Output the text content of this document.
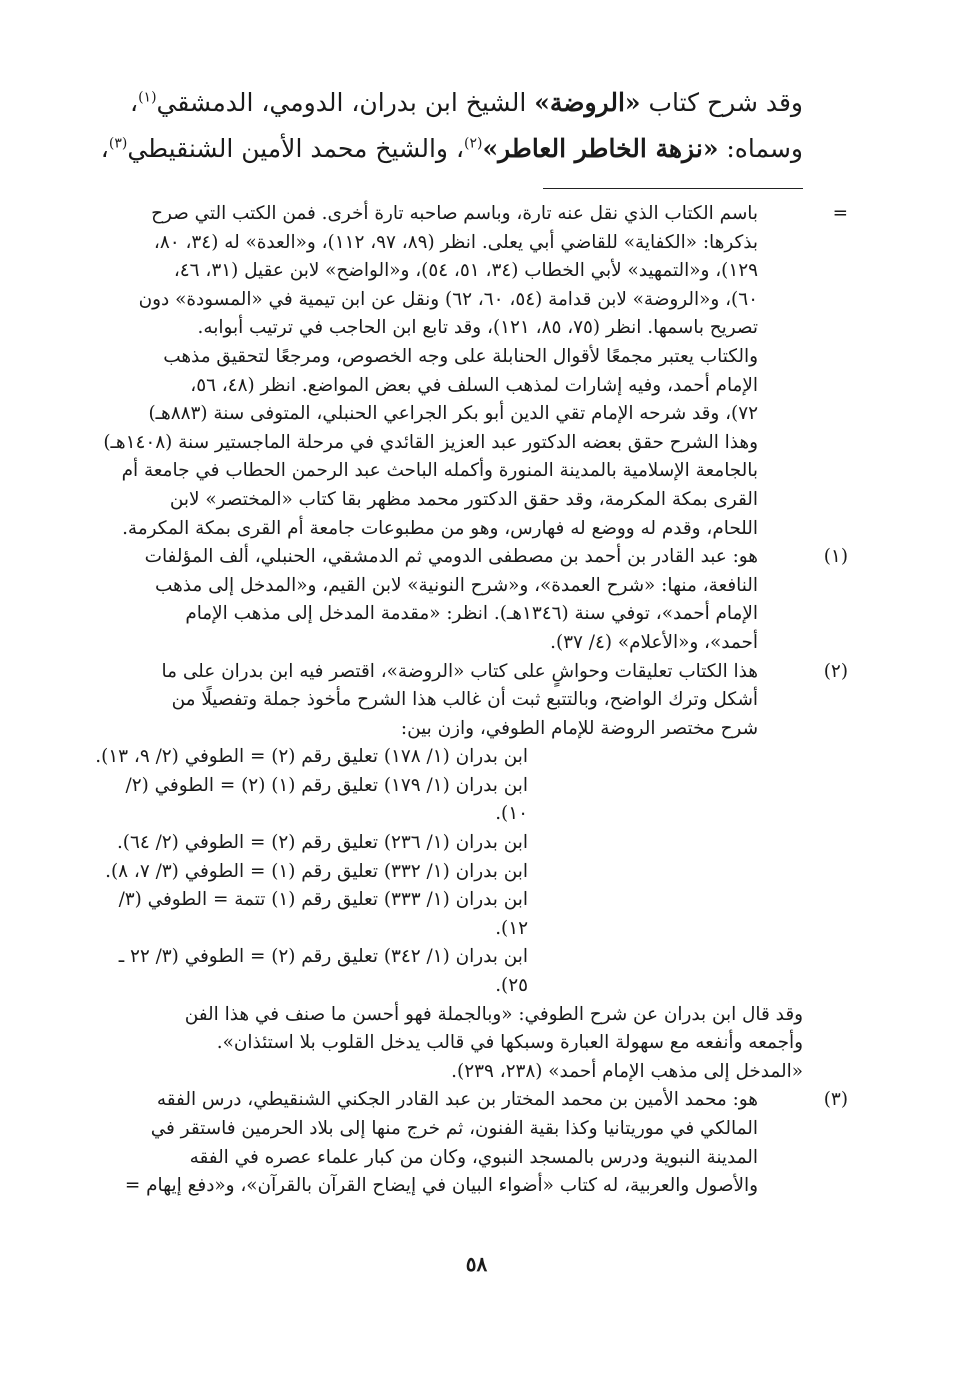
وقد شرح كتاب «الروضة» الشيخ ابن بدران، الدومي، الدمشقي$^{(١)}$،

وسماه: «نزهة الخاطر العاطر»$^{(٢)}$، والشيخ محمد الأمين الشنقيطي$^{(٣)}$،

=

باسم الكتاب الذي نقل عنه تارة، وباسم صاحبه تارة أخرى. فمن الكتب التي صرح

بذكرها: «الكفاية» للقاضي أبي يعلى. انظر (٨٩، ٩٧، ١١٢)، و«العدة» له (٣٤، ٨٠،

١٢٩)، و«التمهيد» لأبي الخطاب (٣٤، ٥١، ٥٤)، و«الواضح» لابن عقيل (٣١، ٤٦،

٦٠)، و«الروضة» لابن قدامة (٥٤، ٦٠، ٦٢) ونقل عن ابن تيمية في «المسودة» دون

تصريح باسمها. انظر (٧٥، ٨٥، ١٢١)، وقد تابع ابن الحاجب في ترتيب أبوابه.

والكتاب يعتبر مجمعًا لأقوال الحنابلة على وجه الخصوص، ومرجعًا لتحقيق مذهب

الإمام أحمد، وفيه إشارات لمذهب السلف في بعض المواضع. انظر (٤٨، ٥٦،

٧٢)، وقد شرحه الإمام تقي الدين أبو بكر الجراعي الحنبلي، المتوفى سنة (٨٨٣هـ)

وهذا الشرح حقق بعضه الدكتور عبد العزيز القائدي في مرحلة الماجستير سنة (١٤٠٨هـ)

بالجامعة الإسلامية بالمدينة المنورة وأكمله الباحث عبد الرحمن الحطاب في جامعة أم

القرى بمكة المكرمة، وقد حقق الدكتور محمد مظهر بقا كتاب «المختصر» لابن

اللحام، وقدم له ووضع له فهارس، وهو من مطبوعات جامعة أم القرى بمكة المكرمة.

(١)

هو: عبد القادر بن أحمد بن مصطفى الدومي ثم الدمشقي، الحنبلي، ألف المؤلفات

النافعة، منها: «شرح العمدة»، و«شرح النونية» لابن القيم، و«المدخل إلى مذهب

الإمام أحمد»، توفي سنة (١٣٤٦هـ). انظر: «مقدمة المدخل إلى مذهب الإمام

أحمد»، و«الأعلام» (٤/ ٣٧).

(٢)

هذا الكتاب تعليقات وحواشٍ على كتاب «الروضة»، اقتصر فيه ابن بدران على ما

أشكل وترك الواضح، وبالتتبع ثبت أن غالب هذا الشرح مأخوذ جملة وتفصيلًا من

شرح مختصر الروضة للإمام الطوفي، وازن بين:

ابن بدران (١/ ١٧٨) تعليق رقم (٢) = الطوفي (٢/ ٩، ١٣).

ابن بدران (١/ ١٧٩) تعليق رقم (١) (٢) = الطوفي (٢/ ١٠).

ابن بدران (١/ ٢٣٦) تعليق رقم (٢) = الطوفي (٢/ ٦٤).

ابن بدران (١/ ٣٣٢) تعليق رقم (١) = الطوفي (٣/ ٧، ٨).

ابن بدران (١/ ٣٣٣) تعليق رقم (١) تتمة = الطوفي (٣/ ١٢).

ابن بدران (١/ ٣٤٢) تعليق رقم (٢) = الطوفي (٣/ ٢٢ ـ ٢٥).

وقد قال ابن بدران عن شرح الطوفي: «وبالجملة فهو أحسن ما صنف في هذا الفن

وأجمعه وأنفعه مع سهولة العبارة وسبكها في قالب يدخل القلوب بلا استئذان».

«المدخل إلى مذهب الإمام أحمد» (٢٣٨، ٢٣٩).

(٣)

هو: محمد الأمين بن محمد المختار بن عبد القادر الجكني الشنقيطي، درس الفقه

المالكي في موريتانيا وكذا بقية الفنون، ثم خرج منها إلى بلاد الحرمين فاستقر في

المدينة النبوية ودرس بالمسجد النبوي، وكان من كبار علماء عصره في الفقه

والأصول والعربية، له كتاب «أضواء البيان في إيضاح القرآن بالقرآن»، و«دفع إيهام =

٥٨
